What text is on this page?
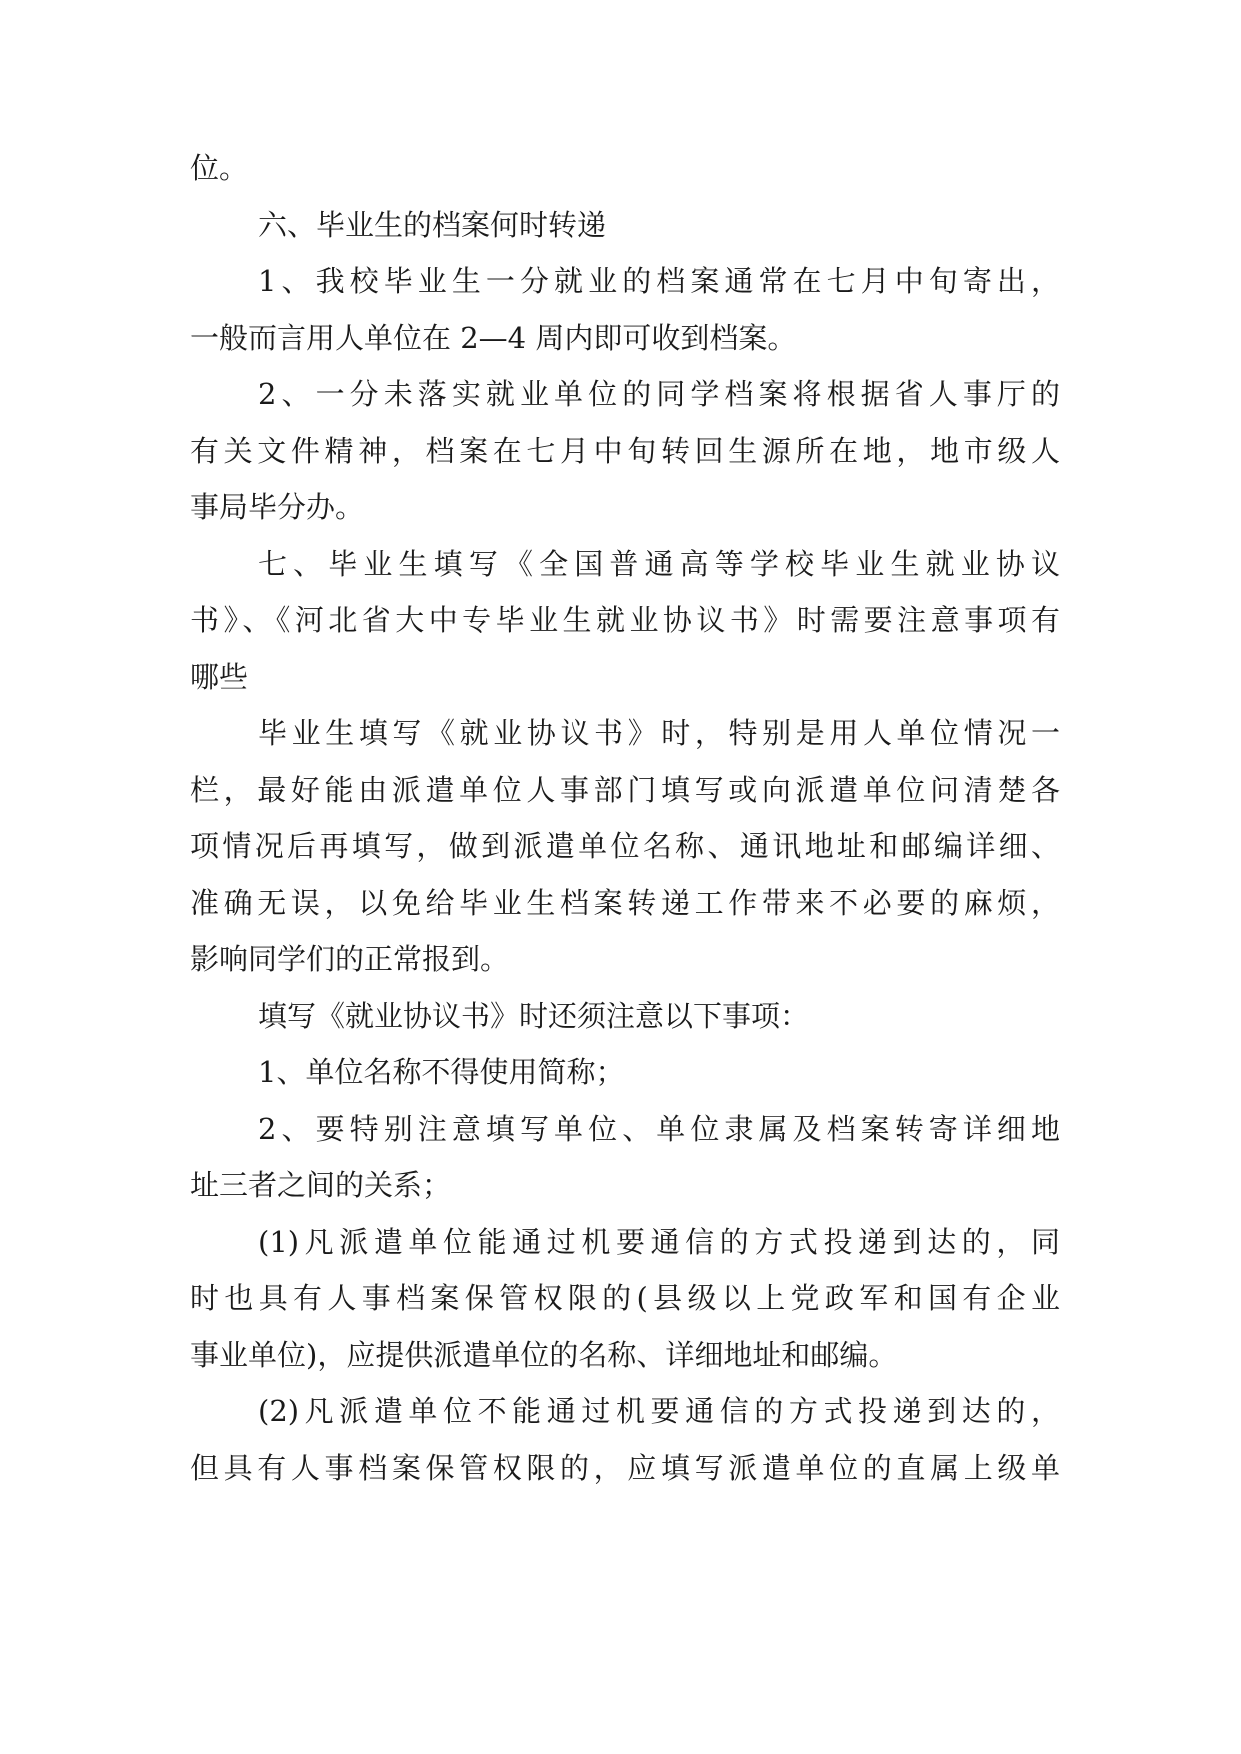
位。
六、毕业生的档案何时转递
1、我校毕业生一分就业的档案通常在七月中旬寄出，
一般而言用人单位在 2—4 周内即可收到档案。
2、一分未落实就业单位的同学档案将根据省人事厅的
有关文件精神，档案在七月中旬转回生源所在地，地市级人
事局毕分办。
七、毕业生填写《全国普通高等学校毕业生就业协议
书》、《河北省大中专毕业生就业协议书》时需要注意事项有
哪些
毕业生填写《就业协议书》时，特别是用人单位情况一
栏，最好能由派遣单位人事部门填写或向派遣单位问清楚各
项情况后再填写，做到派遣单位名称、通讯地址和邮编详细、
准确无误，以免给毕业生档案转递工作带来不必要的麻烦，
影响同学们的正常报到。
填写《就业协议书》时还须注意以下事项：
1、单位名称不得使用简称；
2、要特别注意填写单位、单位隶属及档案转寄详细地
址三者之间的关系；
(1)凡派遣单位能通过机要通信的方式投递到达的，同
时也具有人事档案保管权限的(县级以上党政军和国有企业
事业单位)，应提供派遣单位的名称、详细地址和邮编。
(2)凡派遣单位不能通过机要通信的方式投递到达的，
但具有人事档案保管权限的，应填写派遣单位的直属上级单
